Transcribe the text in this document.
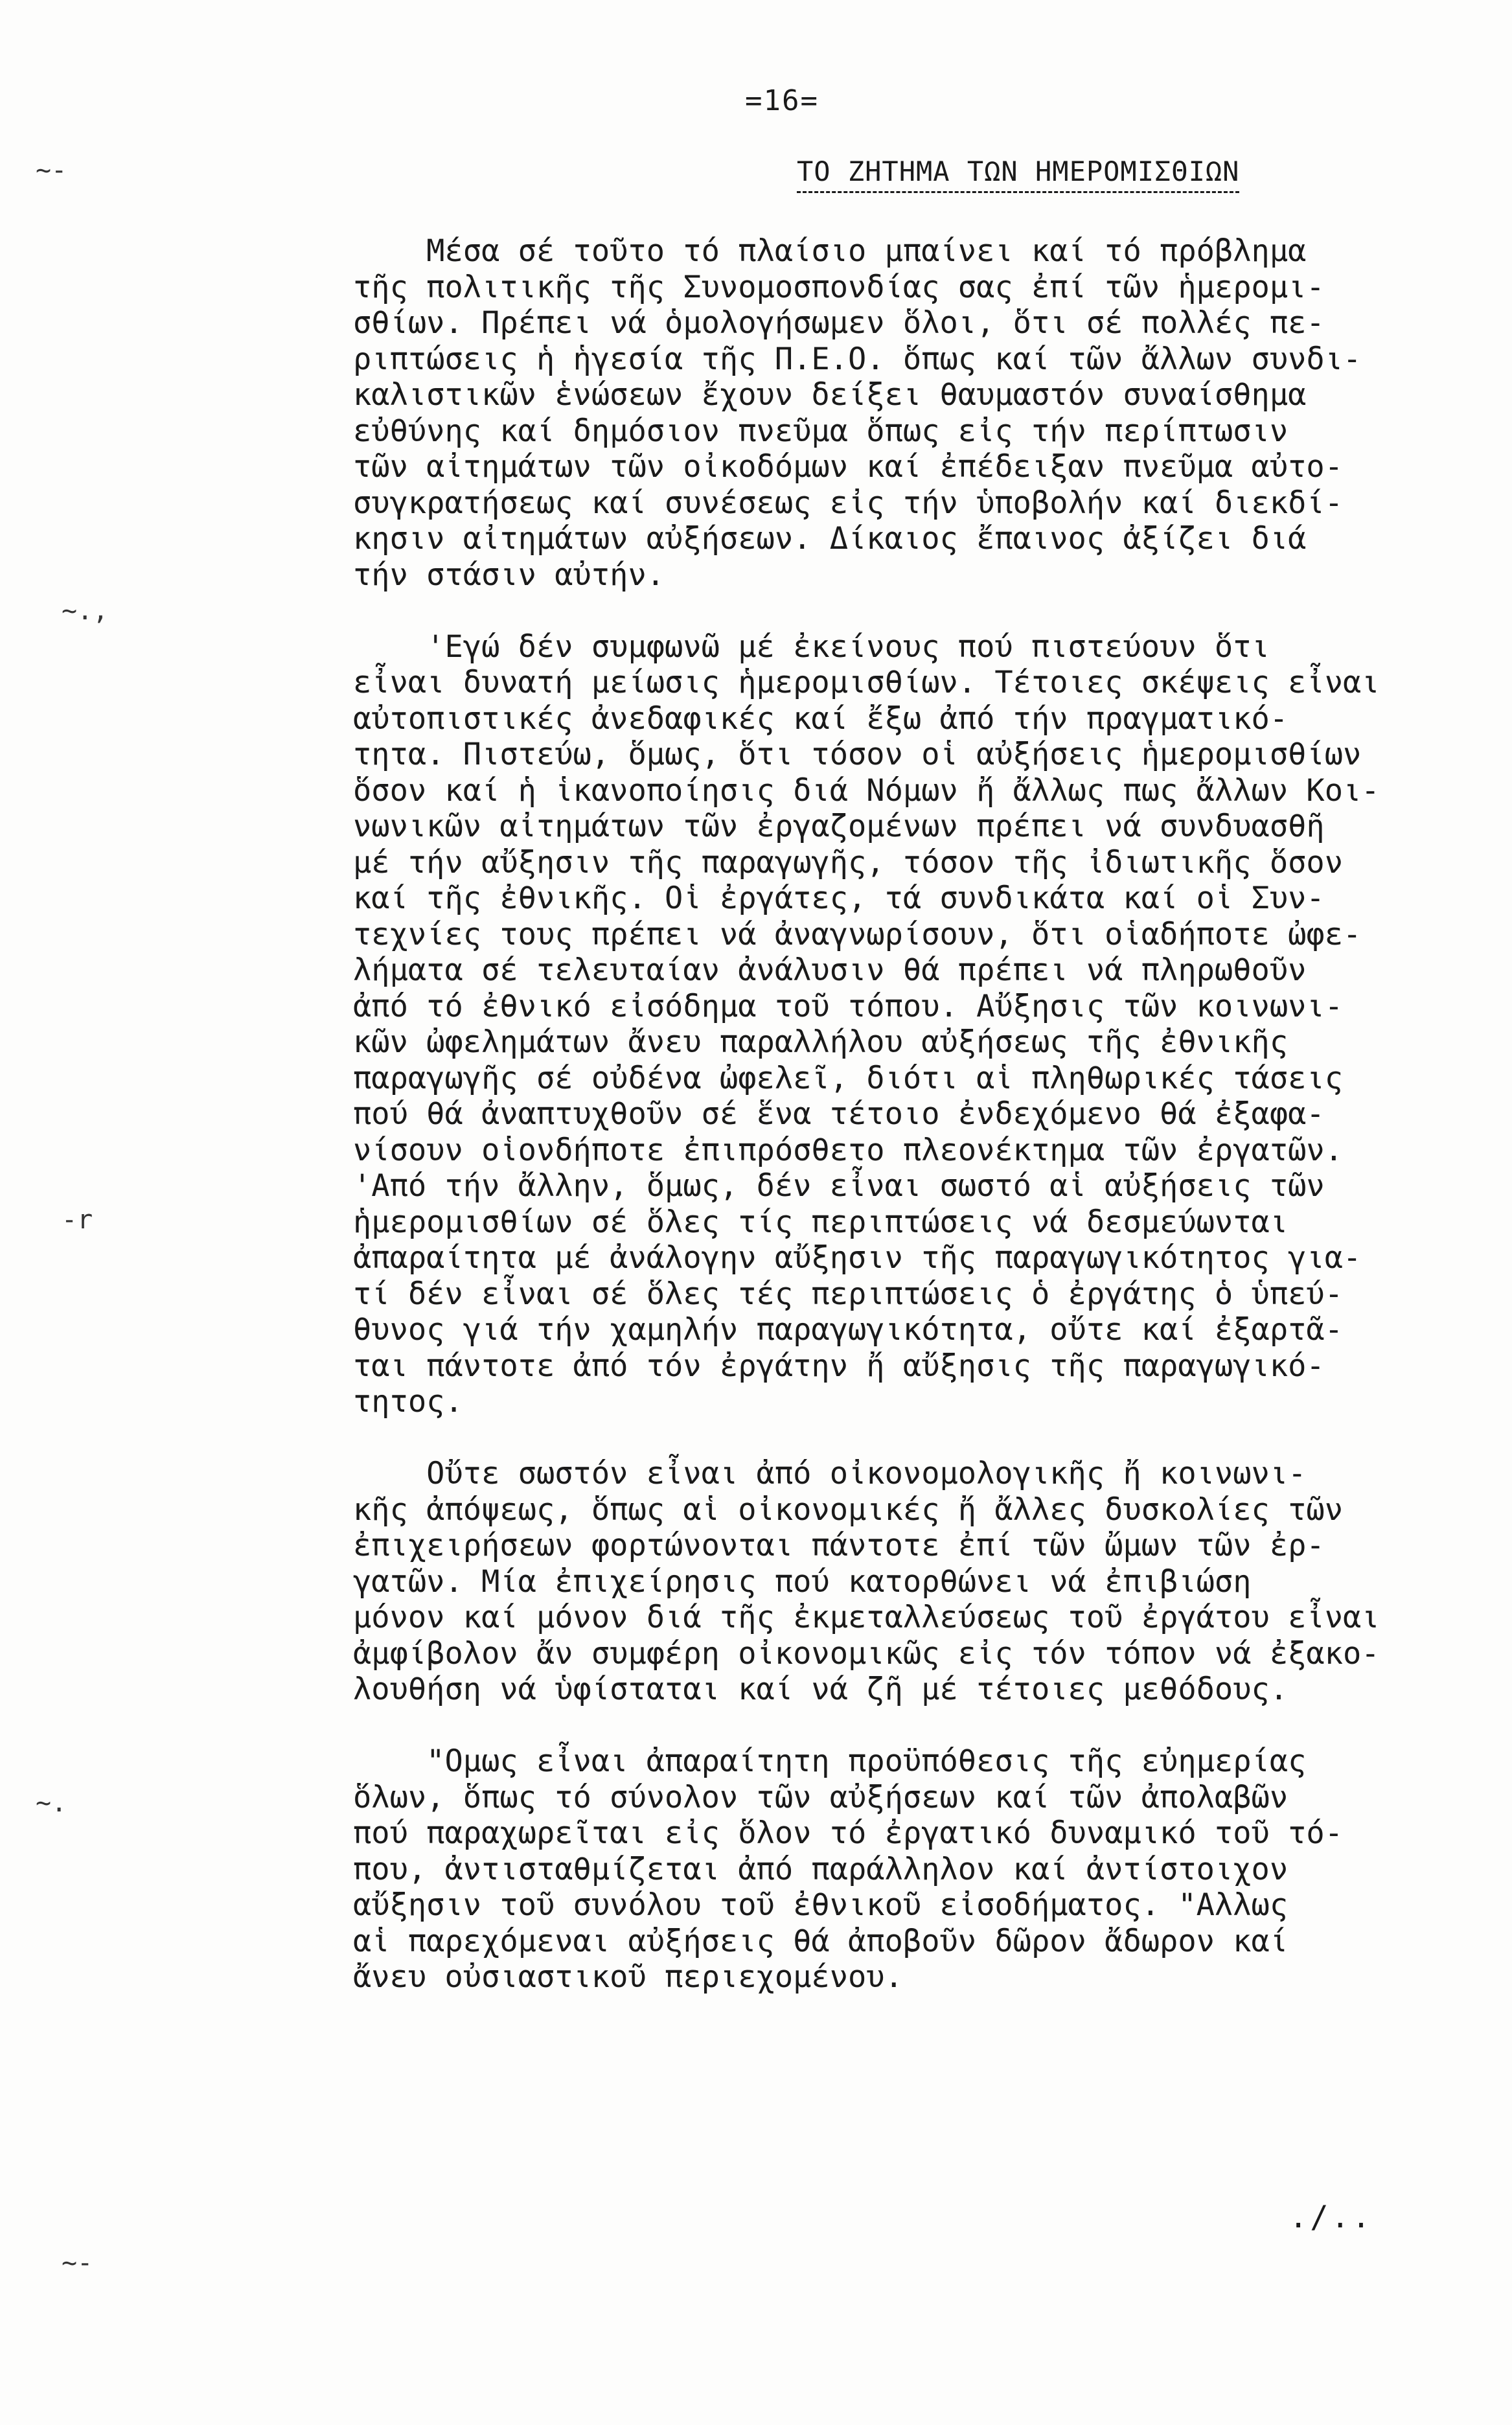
~-
~.,
-r
~.
~-
=16=
ΤΟ ΖΗΤΗΜΑ ΤΩΝ ΗΜΕΡΟΜΙΣΘΙΩΝ
Μέσα σέ τοῦτο τό πλαίσιο μπαίνει καί τό πρόβλημα
τῆς πολιτικῆς τῆς Συνομοσπονδίας σας ἐπί τῶν ἡμερομι-
σθίων. Πρέπει νά ὁμολογήσωμεν ὅλοι, ὅτι σέ πολλές πε-
ριπτώσεις ἡ ἡγεσία τῆς Π.Ε.Ο. ὅπως καί τῶν ἄλλων συνδι-
καλιστικῶν ἑνώσεων ἔχουν δείξει θαυμαστόν συναίσθημα
εὐθύνης καί δημόσιον πνεῦμα ὅπως εἰς τήν περίπτωσιν
τῶν αἰτημάτων τῶν οἰκοδόμων καί ἐπέδειξαν πνεῦμα αὐτο-
συγκρατήσεως καί συνέσεως εἰς τήν ὑποβολήν καί διεκδί-
κησιν αἰτημάτων αὐξήσεων. Δίκαιος ἔπαινος ἀξίζει διά
τήν στάσιν αὐτήν.
'Εγώ δέν συμφωνῶ μέ ἐκείνους πού πιστεύουν ὅτι
εἶναι δυνατή μείωσις ἡμερομισθίων. Τέτοιες σκέψεις εἶναι
αὐτοπιστικές ἀνεδαφικές καί ἔξω ἀπό τήν πραγματικό-
τητα. Πιστεύω, ὅμως, ὅτι τόσον οἱ αὐξήσεις ἡμερομισθίων
ὅσον καί ἡ ἱκανοποίησις διά Νόμων ἤ ἄλλως πως ἄλλων Κοι-
νωνικῶν αἰτημάτων τῶν ἐργαζομένων πρέπει νά συνδυασθῆ
μέ τήν αὔξησιν τῆς παραγωγῆς, τόσον τῆς ἰδιωτικῆς ὅσον
καί τῆς ἐθνικῆς. Οἱ ἐργάτες, τά συνδικάτα καί οἱ Συν-
τεχνίες τους πρέπει νά ἀναγνωρίσουν, ὅτι οἱαδήποτε ὠφε-
λήματα σέ τελευταίαν ἀνάλυσιν θά πρέπει νά πληρωθοῦν
ἀπό τό ἐθνικό εἰσόδημα τοῦ τόπου. Αὔξησις τῶν κοινωνι-
κῶν ὠφελημάτων ἄνευ παραλλήλου αὐξήσεως τῆς ἐθνικῆς
παραγωγῆς σέ οὐδένα ὠφελεῖ, διότι αἱ πληθωρικές τάσεις
πού θά ἀναπτυχθοῦν σέ ἕνα τέτοιο ἐνδεχόμενο θά ἐξαφα-
νίσουν οἱονδήποτε ἐπιπρόσθετο πλεονέκτημα τῶν ἐργατῶν.
'Από τήν ἄλλην, ὅμως, δέν εἶναι σωστό αἱ αὐξήσεις τῶν
ἡμερομισθίων σέ ὅλες τίς περιπτώσεις νά δεσμεύωνται
ἀπαραίτητα μέ ἀνάλογην αὔξησιν τῆς παραγωγικότητος για-
τί δέν εἶναι σέ ὅλες τές περιπτώσεις ὁ ἐργάτης ὁ ὑπεύ-
θυνος γιά τήν χαμηλήν παραγωγικότητα, οὔτε καί ἐξαρτᾶ-
ται πάντοτε ἀπό τόν ἐργάτην ἤ αὔξησις τῆς παραγωγικό-
τητος.
Οὔτε σωστόν εἶναι ἀπό οἰκονομολογικῆς ἤ κοινωνι-
κῆς ἀπόψεως, ὅπως αἱ οἰκονομικές ἤ ἄλλες δυσκολίες τῶν
ἐπιχειρήσεων φορτώνονται πάντοτε ἐπί τῶν ὤμων τῶν ἐρ-
γατῶν. Μία ἐπιχείρησις πού κατορθώνει νά ἐπιβιώση
μόνον καί μόνον διά τῆς ἐκμεταλλεύσεως τοῦ ἐργάτου εἶναι
ἀμφίβολον ἄν συμφέρη οἰκονομικῶς εἰς τόν τόπον νά ἐξακο-
λουθήση νά ὑφίσταται καί νά ζῆ μέ τέτοιες μεθόδους.
"Ομως εἶναι ἀπαραίτητη προϋπόθεσις τῆς εὐημερίας
ὅλων, ὅπως τό σύνολον τῶν αὐξήσεων καί τῶν ἀπολαβῶν
πού παραχωρεῖται εἰς ὅλον τό ἐργατικό δυναμικό τοῦ τό-
που, ἀντισταθμίζεται ἀπό παράλληλον καί ἀντίστοιχον
αὔξησιν τοῦ συνόλου τοῦ ἐθνικοῦ εἰσοδήματος. "Αλλως
αἱ παρεχόμεναι αὐξήσεις θά ἀποβοῦν δῶρον ἄδωρον καί
ἄνευ οὐσιαστικοῦ περιεχομένου.
./..
